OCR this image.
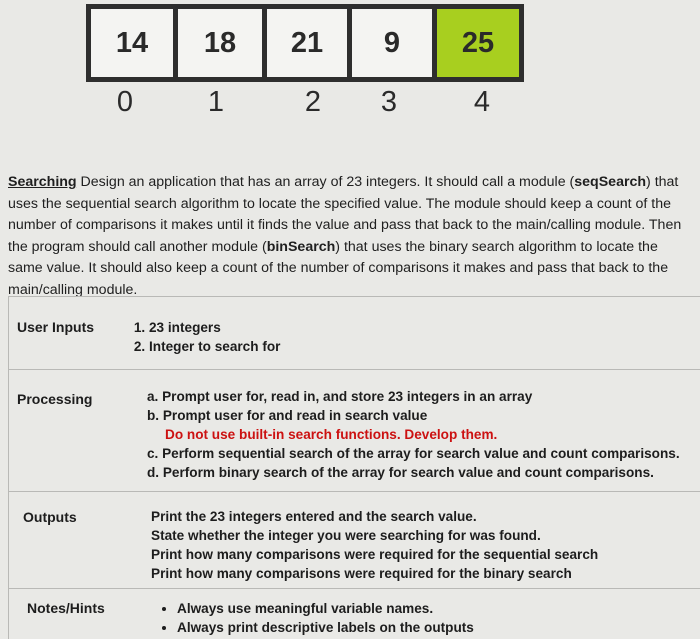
14	18	21	9	25
0	1	2	3	4
Searching Design an application that has an array of 23 integers. It should call a module (seqSearch) that uses the sequential search algorithm to locate the specified value. The module should keep a count of the number of comparisons it makes until it finds the value and pass that back to the main/calling module. Then the program should call another module (binSearch) that uses the binary search algorithm to locate the same value. It should also keep a count of the number of comparisons it makes and pass that back to the main/calling module.
User Inputs	1. 23 integers
2. Integer to search for
Processing	a. Prompt user for, read in, and store 23 integers in an array
b. Prompt user for and read in search value
Do not use built-in search functions. Develop them.
c. Perform sequential search of the array for search value and count comparisons.
d. Perform binary search of the array for search value and count comparisons.
Outputs	Print the 23 integers entered and the search value.
State whether the integer you were searching for was found.
Print how many comparisons were required for the sequential search
Print how many comparisons were required for the binary search
Notes/Hints	• Always use meaningful variable names.
• Always print descriptive labels on the outputs
